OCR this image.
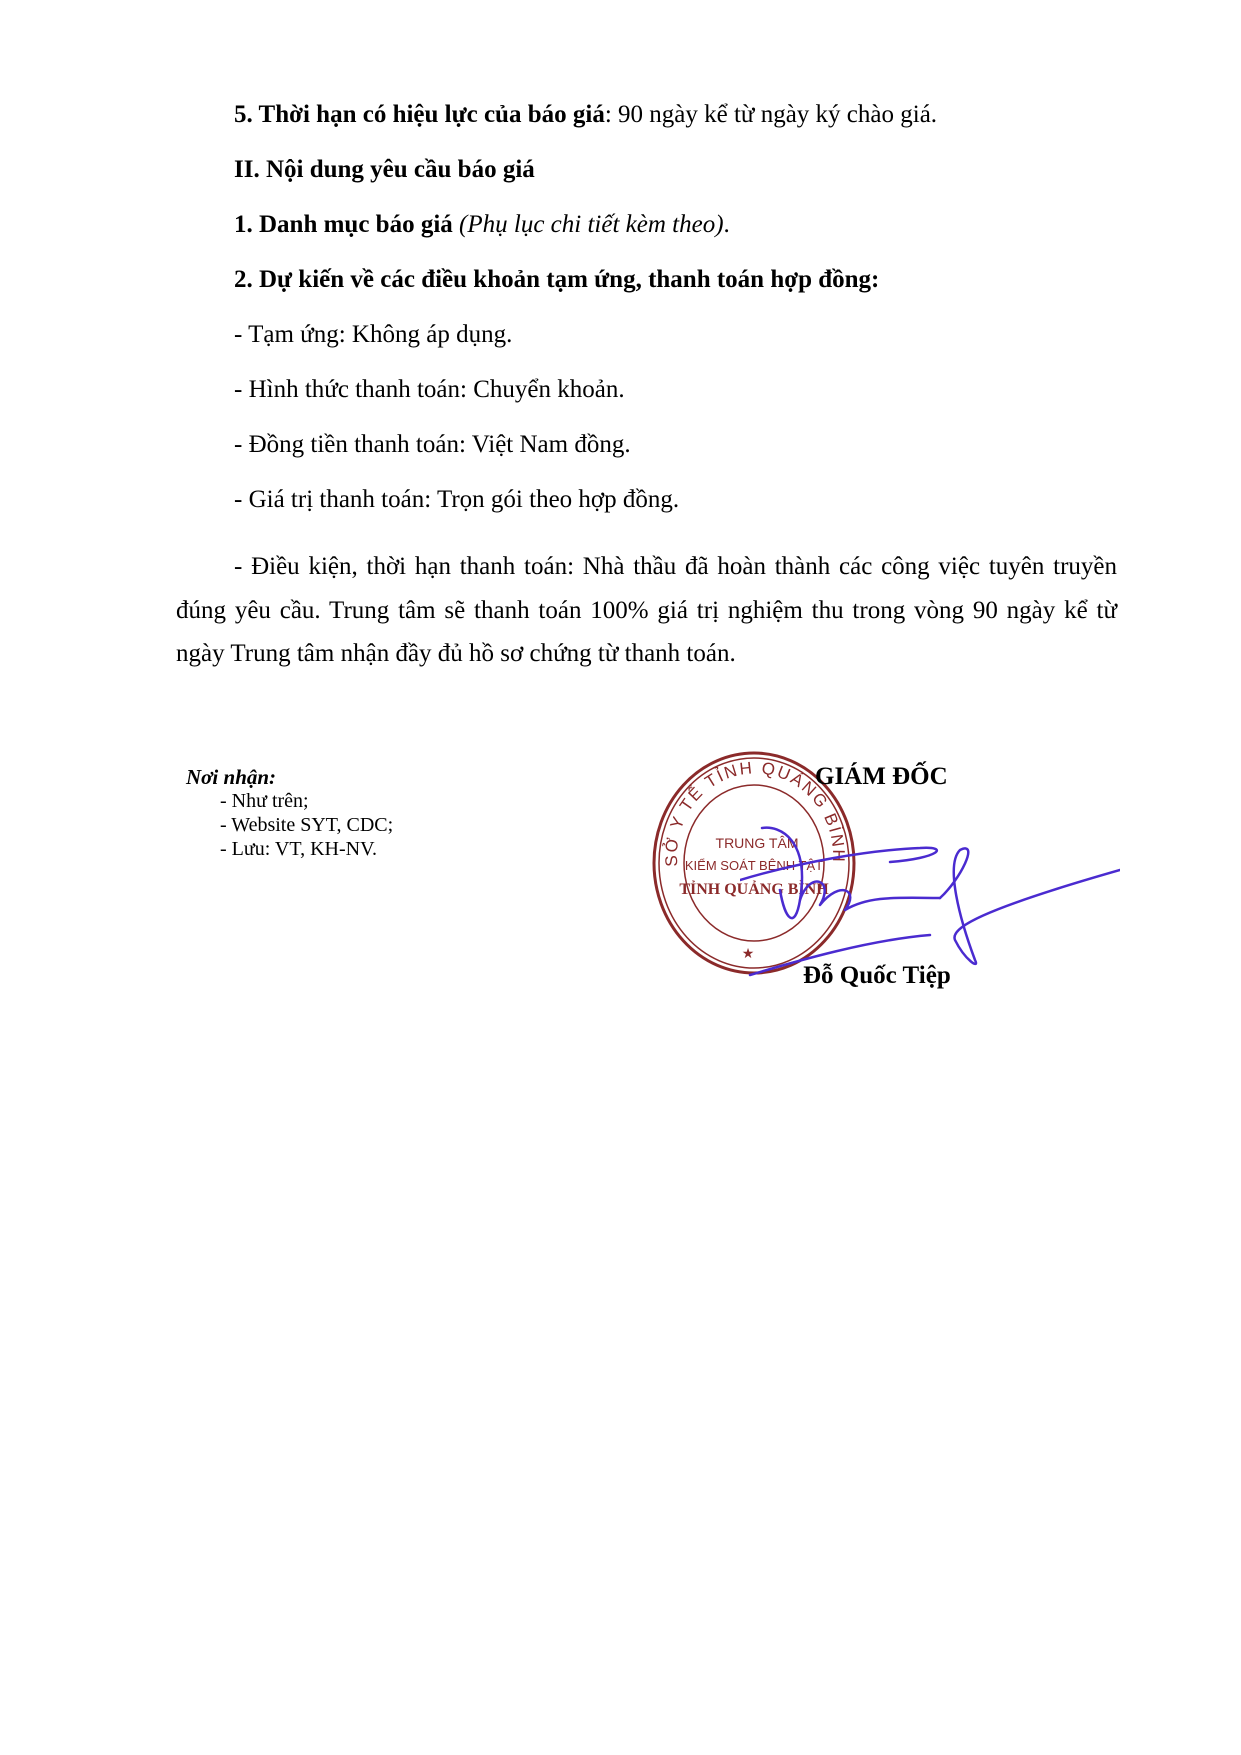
5. Thời hạn có hiệu lực của báo giá: 90 ngày kể từ ngày ký chào giá.
II. Nội dung yêu cầu báo giá
1. Danh mục báo giá (Phụ lục chi tiết kèm theo).
2. Dự kiến về các điều khoản tạm ứng, thanh toán hợp đồng:
- Tạm ứng: Không áp dụng.
- Hình thức thanh toán: Chuyển khoản.
- Đồng tiền thanh toán: Việt Nam đồng.
- Giá trị thanh toán: Trọn gói theo hợp đồng.
- Điều kiện, thời hạn thanh toán: Nhà thầu đã hoàn thành các công việc tuyên truyền đúng yêu cầu. Trung tâm sẽ thanh toán 100% giá trị nghiệm thu trong vòng 90 ngày kể từ ngày Trung tâm nhận đầy đủ hồ sơ chứng từ thanh toán.
Nơi nhận:
- Như trên;
- Website SYT, CDC;
- Lưu: VT, KH-NV.	SỞ Y TẾ TỈNH QUẢNG BÌNH
TRUNG TÂM
KIỂM SOÁT BỆNH TẬT
TỈNH QUẢNG BÌNH
★
GIÁM ĐỐC
Đỗ Quốc Tiệp
